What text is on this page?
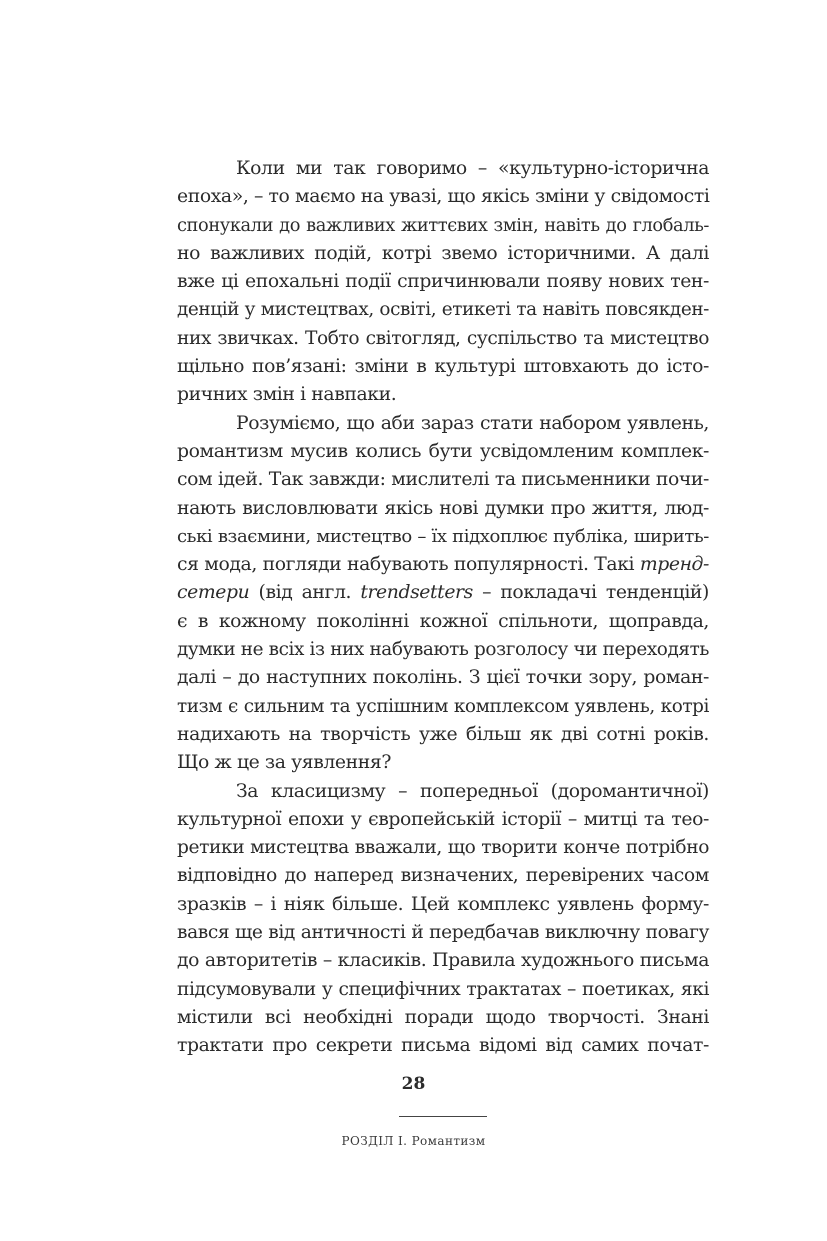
Коли ми так говоримо – «культурно-історична
епоха», – то маємо на увазі, що якісь зміни у свідомості
спонукали до важливих життєвих змін, навіть до глобаль-
но важливих подій, котрі звемо історичними. А далі
вже ці епохальні події спричинювали появу нових тен-
денцій у мистецтвах, освіті, етикеті та навіть повсякден-
них звичках. Тобто світогляд, суспільство та мистецтво
щільно пов’язані: зміни в культурі штовхають до істо-
ричних змін і навпаки.
Розуміємо, що аби зараз стати набором уявлень,
романтизм мусив колись бути усвідомленим комплек-
сом ідей. Так завжди: мислителі та письменники почи-
нають висловлювати якісь нові думки про життя, люд-
ські взаємини, мистецтво – їх підхоплює публіка, ширить-
ся мода, погляди набувають популярності. Такі трeнд-
сетери (від англ. trendsetters – покладачі тенденцій)
є в кожному поколінні кожної спільноти, щоправда,
думки не всіх із них набувають розголосу чи переходять
далі – до наступних поколінь. З цієї точки зору, роман-
тизм є сильним та успішним комплексом уявлень, котрі
надихають на творчість уже більш як дві сотні років.
Що ж це за уявлення?
За класицизму – попередньої (доромантичної)
культурної епохи у європейській історії – митці та тео-
ретики мистецтва вважали, що творити конче потрібно
відповідно до наперед визначених, перевірених часом
зразків – і ніяк більше. Цей комплекс уявлень форму-
вався ще від античності й передбачав виключну повагу
до авторитетів – класиків. Правила художнього письма
підсумовували у специфічних трактатах – поетиках, які
містили всі необхідні поради щодо творчості. Знані
трактати про секрети письма відомі від самих почат-
28
РОЗДІЛ І. Романтизм
